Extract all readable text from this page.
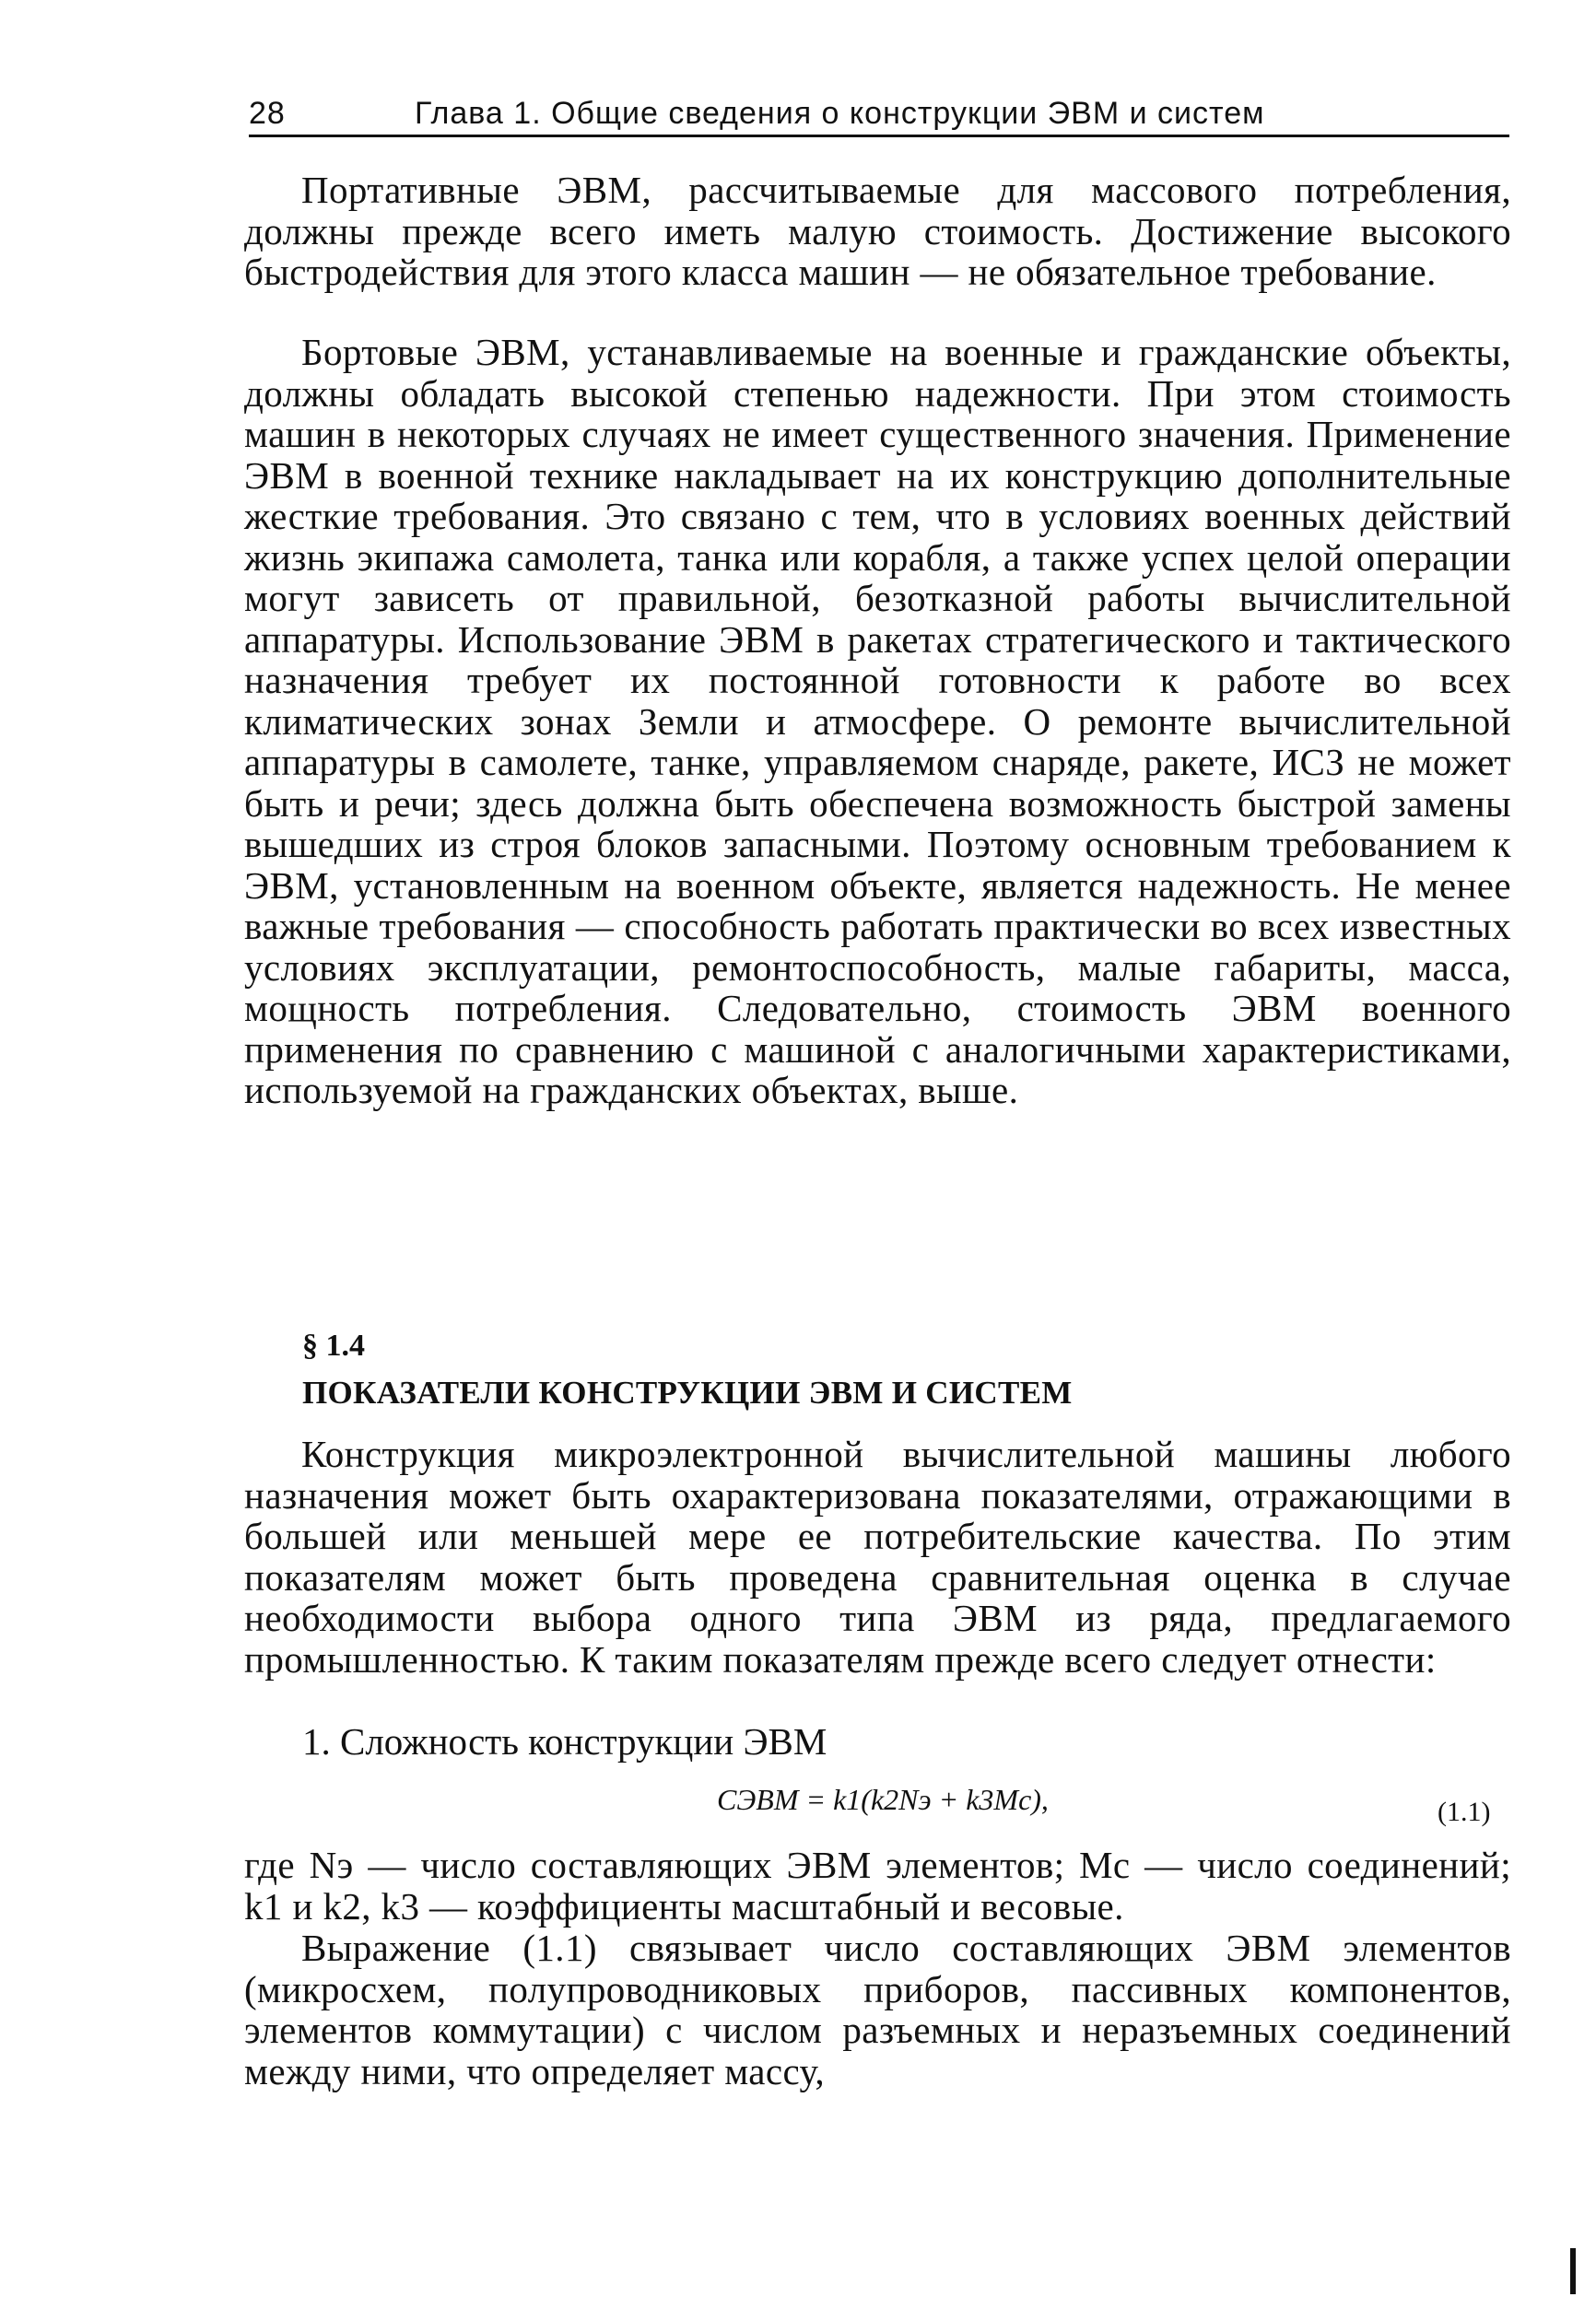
28	Глава 1. Общие сведения о конструкции ЭВМ и систем

Портативные ЭВМ, рассчитываемые для массового потребления, должны прежде всего иметь малую стоимость. Достижение высокого быстродействия для этого класса машин — не обязательное требование.

Бортовые ЭВМ, устанавливаемые на военные и гражданские объекты, должны обладать высокой степенью надежности. При этом стоимость машин в некоторых случаях не имеет существенного значения. Применение ЭВМ в военной технике накладывает на их конструкцию дополнительные жесткие требования. Это связано с тем, что в условиях военных действий жизнь экипажа самолета, танка или корабля, а также успех целой операции могут зависеть от правильной, безотказной работы вычислительной аппаратуры. Использование ЭВМ в ракетах стратегического и тактического назначения требует их постоянной готовности к работе во всех климатических зонах Земли и атмосфере. О ремонте вычислительной аппаратуры в самолете, танке, управляемом снаряде, ракете, ИСЗ не может быть и речи; здесь должна быть обеспечена возможность быстрой замены вышедших из строя блоков запасными. Поэтому основным требованием к ЭВМ, установленным на военном объекте, является надежность. Не менее важные требования — способность работать практически во всех известных условиях эксплуатации, ремонтоспособность, малые габариты, масса, мощность потребления. Следовательно, стоимость ЭВМ военного применения по сравнению с машиной с аналогичными характеристиками, используемой на гражданских объектах, выше.

§ 1.4
ПОКАЗАТЕЛИ КОНСТРУКЦИИ ЭВМ И СИСТЕМ

Конструкция микроэлектронной вычислительной машины любого назначения может быть охарактеризована показателями, отражающими в большей или меньшей мере ее потребительские качества. По этим показателям может быть проведена сравнительная оценка в случае необходимости выбора одного типа ЭВМ из ряда, предлагаемого промышленностью. К таким показателям прежде всего следует отнести:

1. Сложность конструкции ЭВМ
CЭВМ = k1(k2Nэ + k3Mс),	(1.1)

где Nэ — число составляющих ЭВМ элементов; Mс — число соединений; k1 и k2, k3 — коэффициенты масштабный и весовые.

Выражение (1.1) связывает число составляющих ЭВМ элементов (микросхем, полупроводниковых приборов, пассивных компонентов, элементов коммутации) с числом разъемных и неразъемных соединений между ними, что определяет массу,
